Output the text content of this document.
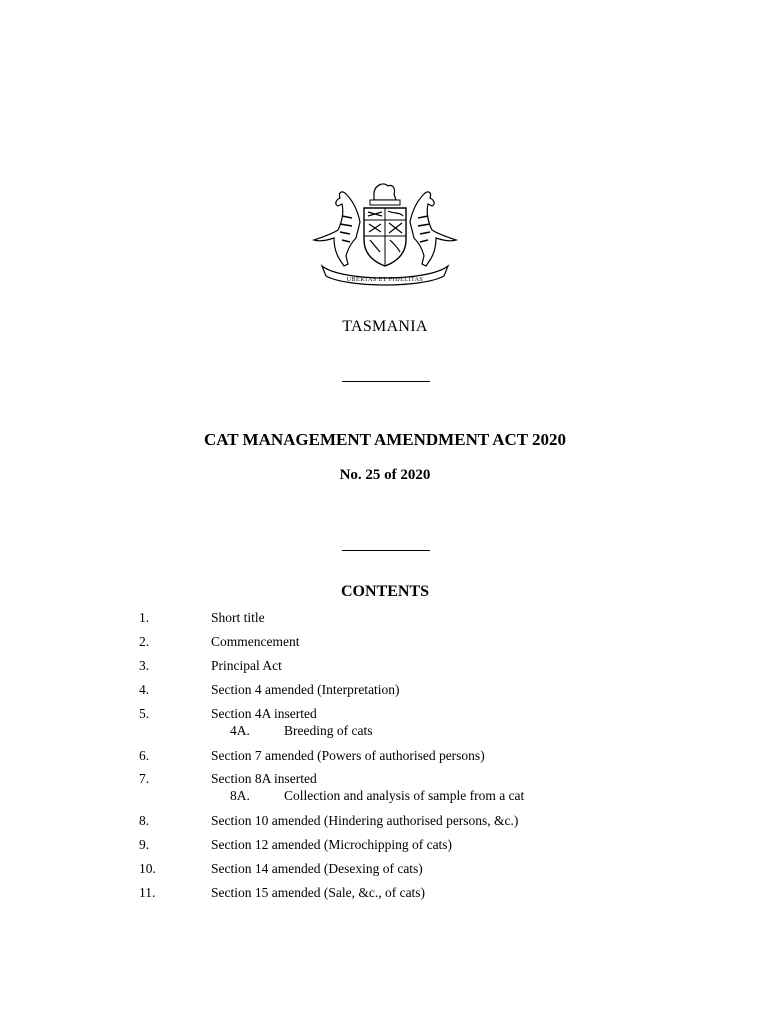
UBERTAS ET FIDELITAS
TASMANIA
CAT MANAGEMENT AMENDMENT ACT 2020
No. 25 of 2020
CONTENTS
1.	Short title
2.	Commencement
3.	Principal Act
4.	Section 4 amended (Interpretation)
5.	Section 4A inserted
4A.	Breeding of cats
6.	Section 7 amended (Powers of authorised persons)
7.	Section 8A inserted
8A.	Collection and analysis of sample from a cat
8.	Section 10 amended (Hindering authorised persons, &c.)
9.	Section 12 amended (Microchipping of cats)
10.	Section 14 amended (Desexing of cats)
11.	Section 15 amended (Sale, &c., of cats)
